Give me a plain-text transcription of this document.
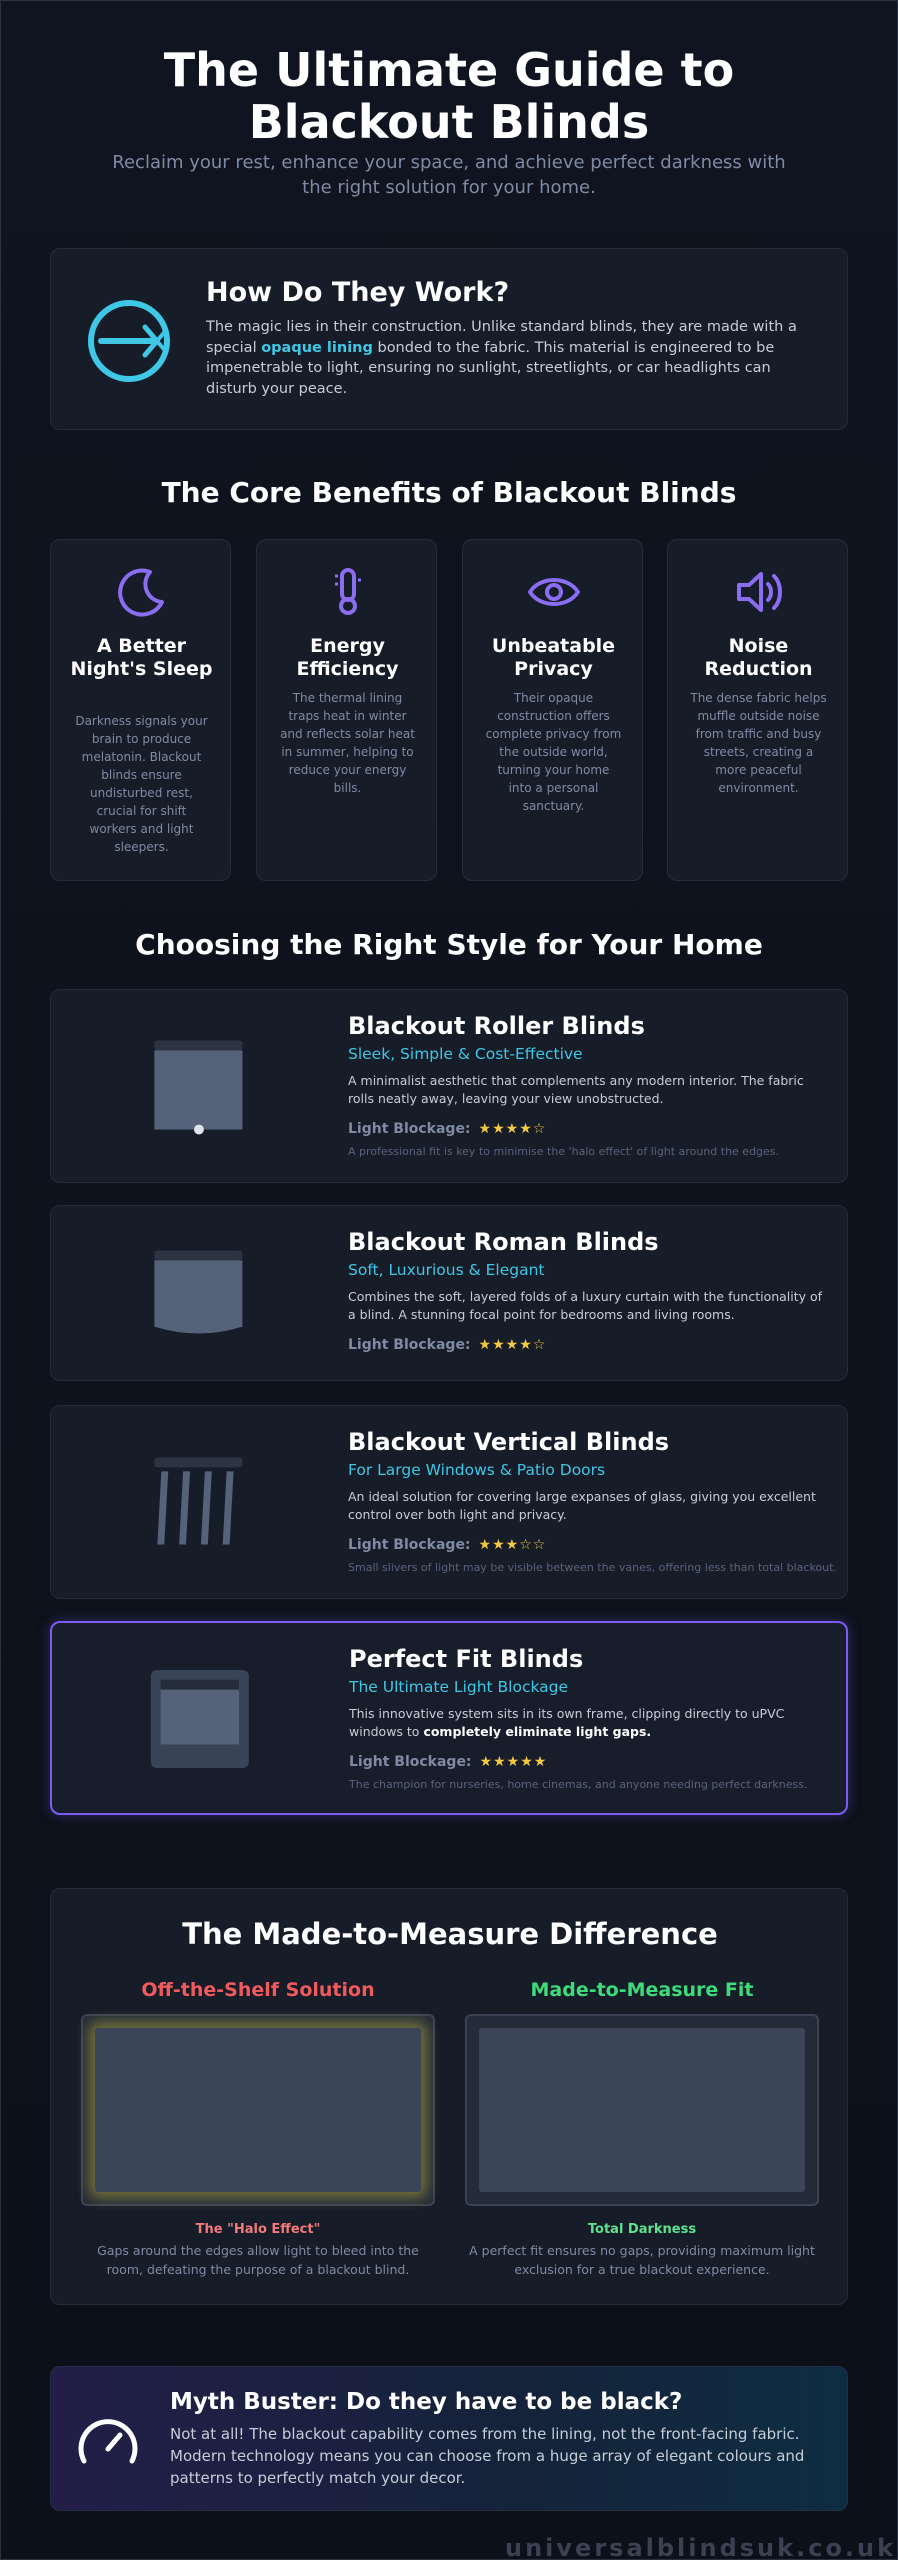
The Ultimate Guide to Blackout Blinds

Reclaim your rest, enhance your space, and achieve perfect darkness with the right solution for your home.

How Do They Work?

The magic lies in their construction. Unlike standard blinds, they are made with a special opaque lining bonded to the fabric. This material is engineered to be impenetrable to light, ensuring no sunlight, streetlights, or car headlights can disturb your peace.

The Core Benefits of Blackout Blinds
A Better Night's Sleep
Darkness signals your brain to produce melatonin. Blackout blinds ensure undisturbed rest, crucial for shift workers and light sleepers.
Energy Efficiency
The thermal lining traps heat in winter and reflects solar heat in summer, helping to reduce your energy bills.
Unbeatable Privacy
Their opaque construction offers complete privacy from the outside world, turning your home into a personal sanctuary.
Noise Reduction
The dense fabric helps muffle outside noise from traffic and busy streets, creating a more peaceful environment.
Choosing the Right Style for Your Home
Blackout Roller Blinds
Sleek, Simple & Cost-Effective

A minimalist aesthetic that complements any modern interior. The fabric rolls neatly away, leaving your view unobstructed.

Light Blockage: ★★★★☆
A professional fit is key to minimise the 'halo effect' of light around the edges.
Blackout Roman Blinds
Soft, Luxurious & Elegant

Combines the soft, layered folds of a luxury curtain with the functionality of a blind. A stunning focal point for bedrooms and living rooms.

Light Blockage: ★★★★☆
Blackout Vertical Blinds
For Large Windows & Patio Doors

An ideal solution for covering large expanses of glass, giving you excellent control over both light and privacy.

Light Blockage: ★★★☆☆
Small slivers of light may be visible between the vanes, offering less than total blackout.
Perfect Fit Blinds
The Ultimate Light Blockage

This innovative system sits in its own frame, clipping directly to uPVC windows to completely eliminate light gaps.

Light Blockage: ★★★★★
The champion for nurseries, home cinemas, and anyone needing perfect darkness.
The Made-to-Measure Difference
Off-the-Shelf Solution
The "Halo Effect"
Gaps around the edges allow light to bleed into the room, defeating the purpose of a blackout blind.
Made-to-Measure Fit
Total Darkness
A perfect fit ensures no gaps, providing maximum light exclusion for a true blackout experience.
Myth Buster: Do they have to be black?

Not at all! The blackout capability comes from the lining, not the front-facing fabric. Modern technology means you can choose from a huge array of elegant colours and patterns to perfectly match your decor.

universalblindsuk.co.uk
